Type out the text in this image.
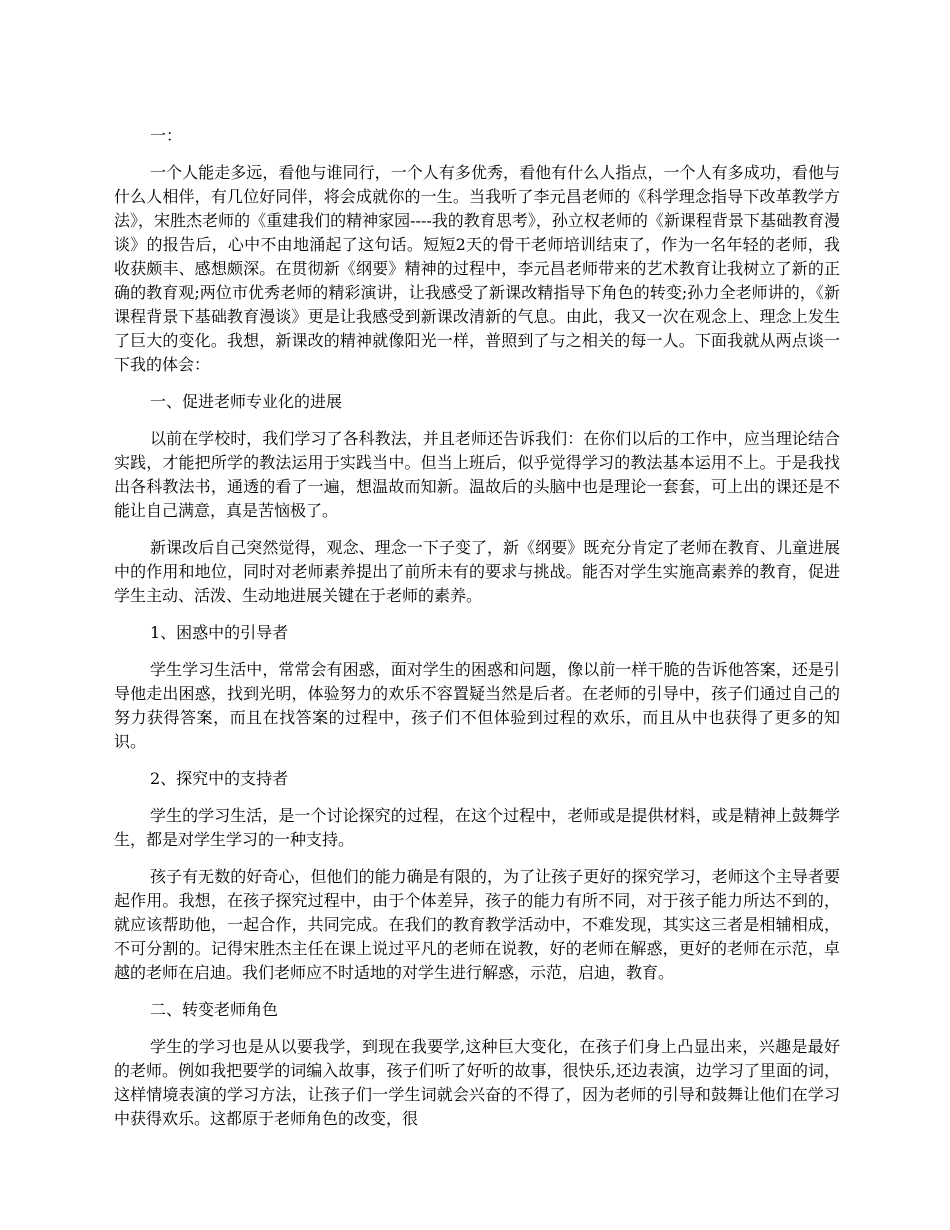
一：

一个人能走多远，看他与谁同行，一个人有多优秀，看他有什么人指点，一个人有多成功，看他与什么人相伴，有几位好同伴，将会成就你的一生。当我听了李元昌老师的《科学理念指导下改革教学方法》，宋胜杰老师的《重建我们的精神家园----我的教育思考》，孙立权老师的《新课程背景下基础教育漫谈》的报告后，心中不由地涌起了这句话。短短2天的骨干老师培训结束了，作为一名年轻的老师，我收获颇丰、感想颇深。在贯彻新《纲要》精神的过程中，李元昌老师带来的艺术教育让我树立了新的正确的教育观;两位市优秀老师的精彩演讲，让我感受了新课改精指导下角色的转变;孙力全老师讲的，《新课程背景下基础教育漫谈》更是让我感受到新课改清新的气息。由此，我又一次在观念上、理念上发生了巨大的变化。我想，新课改的精神就像阳光一样，普照到了与之相关的每一人。下面我就从两点谈一下我的体会：

一、促进老师专业化的进展

以前在学校时，我们学习了各科教法，并且老师还告诉我们：在你们以后的工作中，应当理论结合实践，才能把所学的教法运用于实践当中。但当上班后，似乎觉得学习的教法基本运用不上。于是我找出各科教法书，通透的看了一遍，想温故而知新。温故后的头脑中也是理论一套套，可上出的课还是不能让自己满意，真是苦恼极了。

新课改后自己突然觉得，观念、理念一下子变了，新《纲要》既充分肯定了老师在教育、儿童进展中的作用和地位，同时对老师素养提出了前所未有的要求与挑战。能否对学生实施高素养的教育，促进学生主动、活泼、生动地进展关键在于老师的素养。

1、困惑中的引导者

学生学习生活中，常常会有困惑，面对学生的困惑和问题，像以前一样干脆的告诉他答案，还是引导他走出困惑，找到光明，体验努力的欢乐不容置疑当然是后者。在老师的引导中，孩子们通过自己的努力获得答案，而且在找答案的过程中，孩子们不但体验到过程的欢乐，而且从中也获得了更多的知识。

2、探究中的支持者

学生的学习生活，是一个讨论探究的过程，在这个过程中，老师或是提供材料，或是精神上鼓舞学生，都是对学生学习的一种支持。

孩子有无数的好奇心，但他们的能力确是有限的，为了让孩子更好的探究学习，老师这个主导者要起作用。我想，在孩子探究过程中，由于个体差异，孩子的能力有所不同，对于孩子能力所达不到的，就应该帮助他，一起合作，共同完成。在我们的教育教学活动中，不难发现，其实这三者是相辅相成，不可分割的。记得宋胜杰主任在课上说过平凡的老师在说教，好的老师在解惑，更好的老师在示范，卓越的老师在启迪。我们老师应不时适地的对学生进行解惑，示范，启迪，教育。

二、转变老师角色

学生的学习也是从以要我学，到现在我要学,这种巨大变化，在孩子们身上凸显出来，兴趣是最好的老师。例如我把要学的词编入故事，孩子们听了好听的故事，很快乐,还边表演，边学习了里面的词，这样情境表演的学习方法，让孩子们一学生词就会兴奋的不得了，因为老师的引导和鼓舞让他们在学习中获得欢乐。这都原于老师角色的改变，很
